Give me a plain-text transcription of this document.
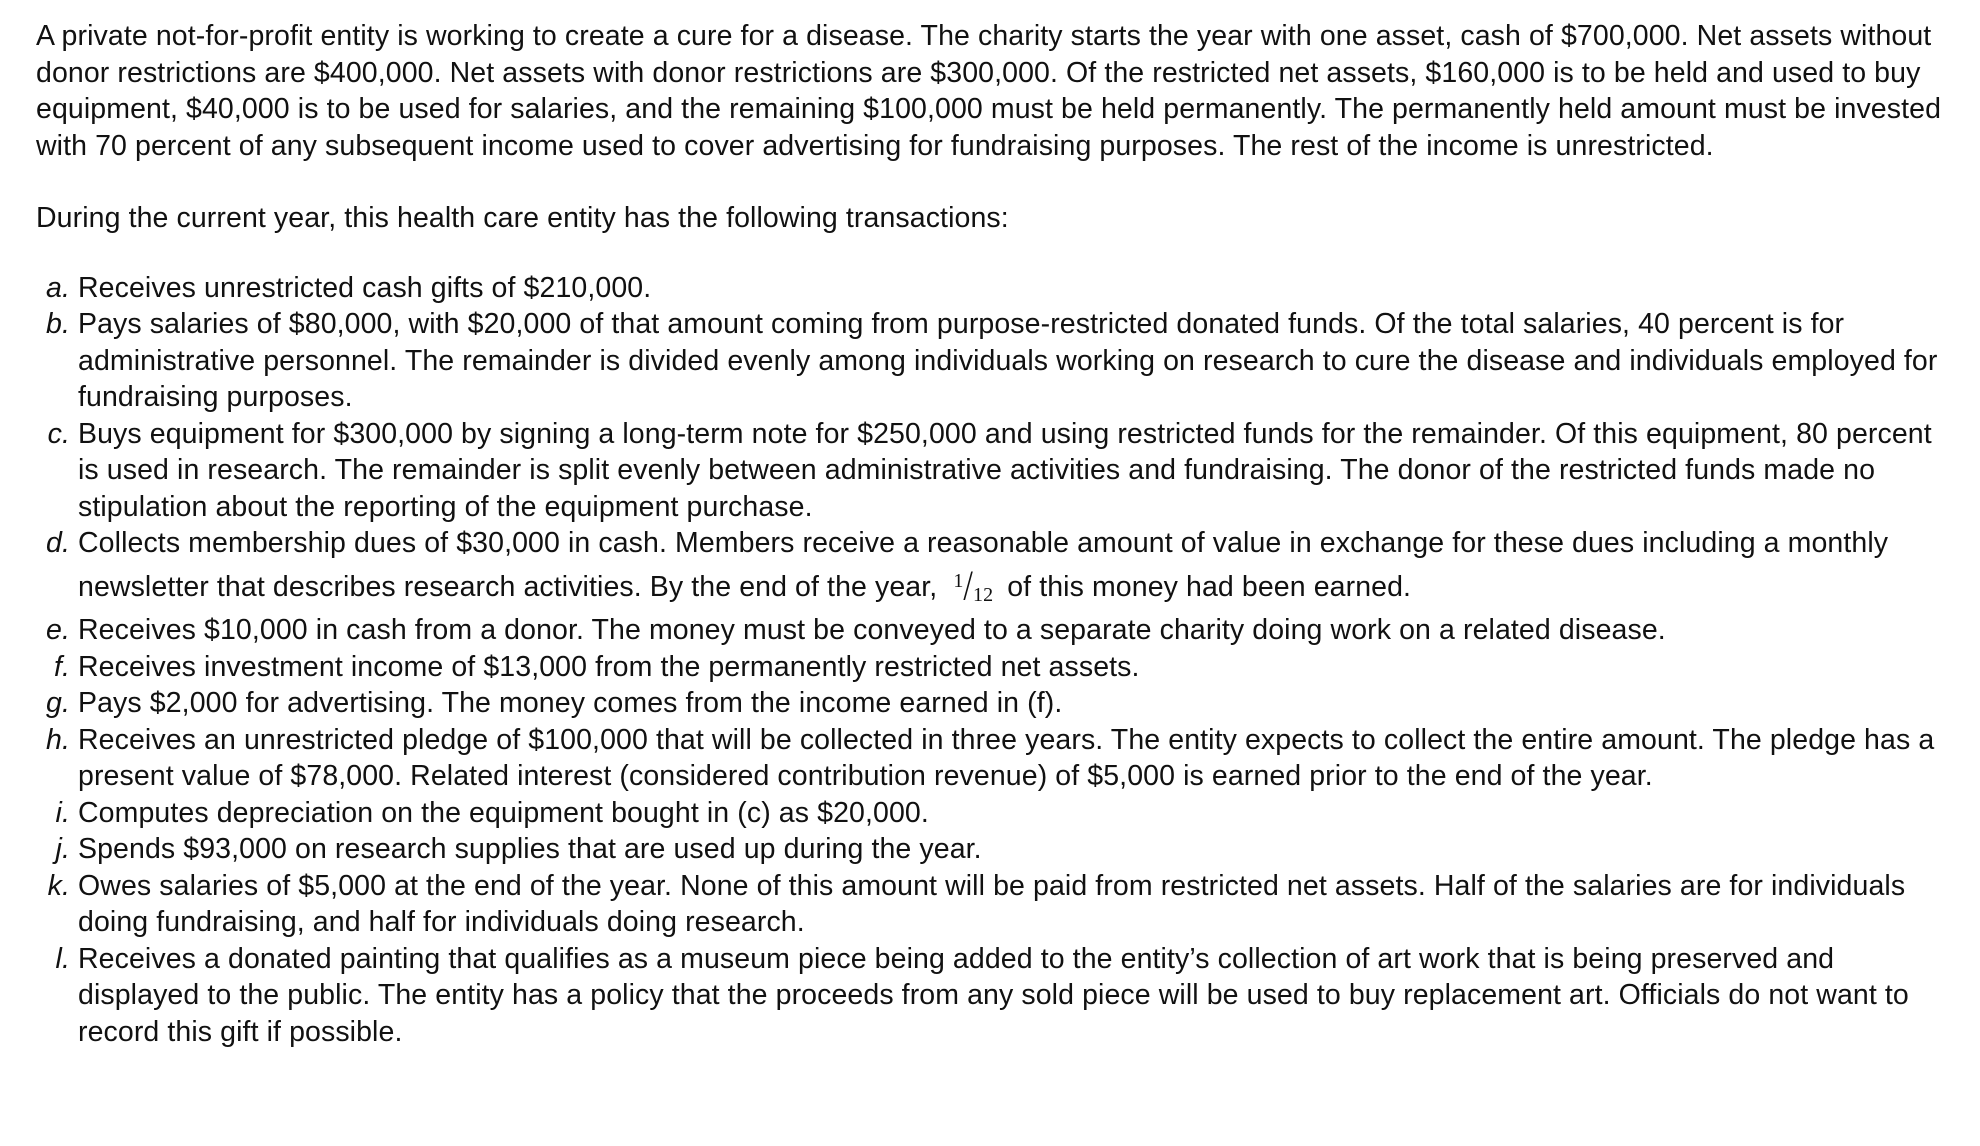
A private not-for-profit entity is working to create a cure for a disease. The charity starts the year with one asset, cash of $700,000. Net assets without donor restrictions are $400,000. Net assets with donor restrictions are $300,000. Of the restricted net assets, $160,000 is to be held and used to buy equipment, $40,000 is to be used for salaries, and the remaining $100,000 must be held permanently. The permanently held amount must be invested with 70 percent of any subsequent income used to cover advertising for fundraising purposes. The rest of the income is unrestricted.

During the current year, this health care entity has the following transactions:

a. Receives unrestricted cash gifts of $210,000.
b. Pays salaries of $80,000, with $20,000 of that amount coming from purpose-restricted donated funds. Of the total salaries, 40 percent is for administrative personnel. The remainder is divided evenly among individuals working on research to cure the disease and individuals employed for fundraising purposes.
c. Buys equipment for $300,000 by signing a long-term note for $250,000 and using restricted funds for the remainder. Of this equipment, 80 percent is used in research. The remainder is split evenly between administrative activities and fundraising. The donor of the restricted funds made no stipulation about the reporting of the equipment purchase.
d. Collects membership dues of $30,000 in cash. Members receive a reasonable amount of value in exchange for these dues including a monthly newsletter that describes research activities. By the end of the year, $^1$/12 of this money had been earned.
e. Receives $10,000 in cash from a donor. The money must be conveyed to a separate charity doing work on a related disease.
f. Receives investment income of $13,000 from the permanently restricted net assets.
g. Pays $2,000 for advertising. The money comes from the income earned in (f).
h. Receives an unrestricted pledge of $100,000 that will be collected in three years. The entity expects to collect the entire amount. The pledge has a present value of $78,000. Related interest (considered contribution revenue) of $5,000 is earned prior to the end of the year.
i. Computes depreciation on the equipment bought in (c) as $20,000.
j. Spends $93,000 on research supplies that are used up during the year.
k. Owes salaries of $5,000 at the end of the year. None of this amount will be paid from restricted net assets. Half of the salaries are for individuals doing fundraising, and half for individuals doing research.
l. Receives a donated painting that qualifies as a museum piece being added to the entity’s collection of art work that is being preserved and displayed to the public. The entity has a policy that the proceeds from any sold piece will be used to buy replacement art. Officials do not want to record this gift if possible.
